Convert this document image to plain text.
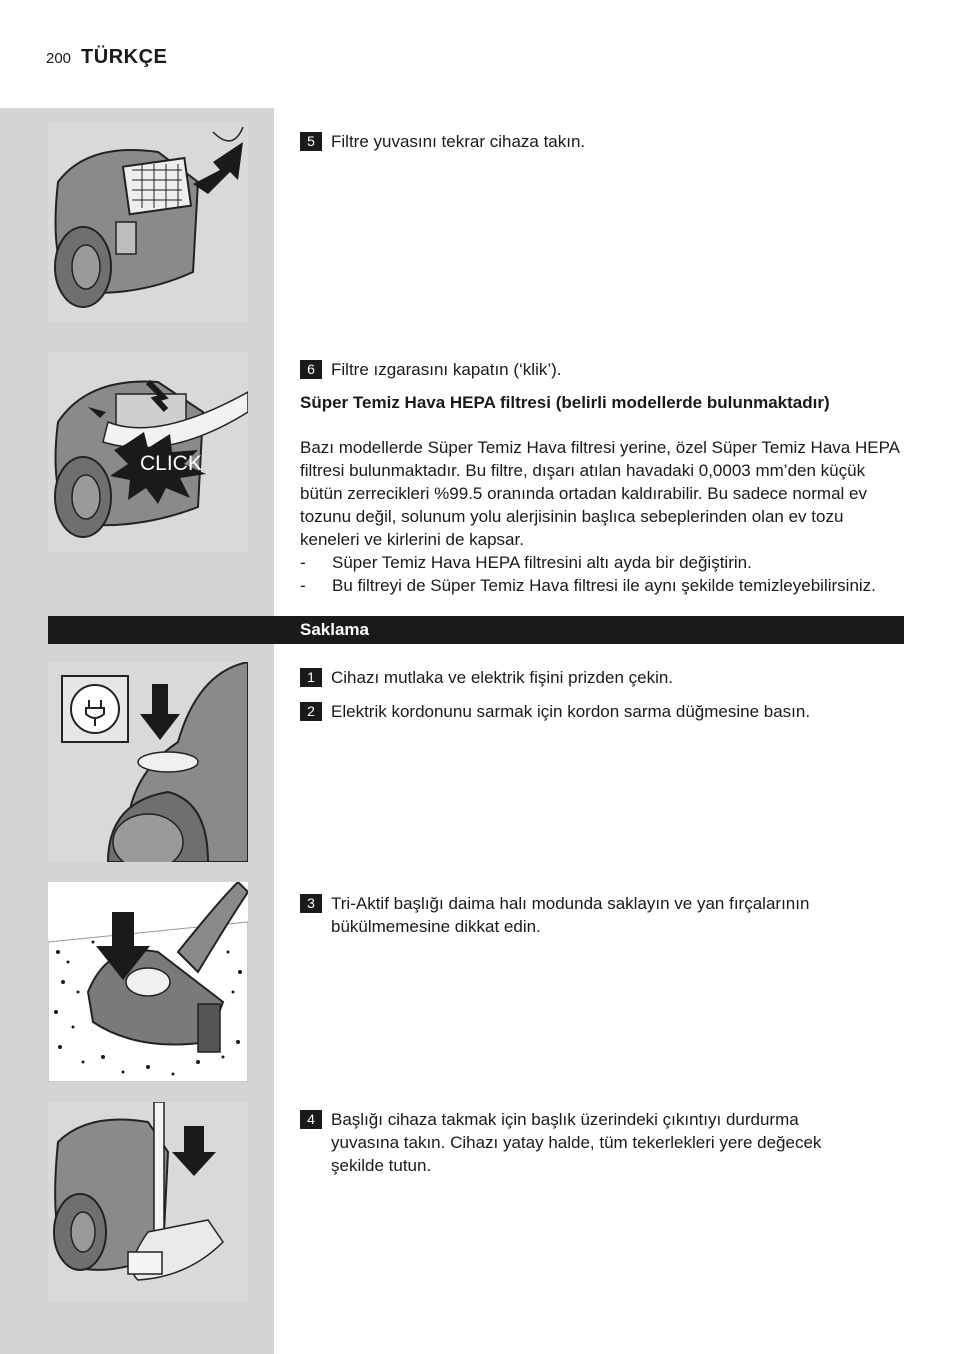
200 TÜRKÇE
CLICK
5 Filtre yuvasını tekrar cihaza takın.
6 Filtre ızgarasını kapatın (‘klik’).
Süper Temiz Hava HEPA filtresi (belirli modellerde bulunmaktadır)
Bazı modellerde Süper Temiz Hava filtresi yerine, özel Süper Temiz Hava HEPA filtresi bulunmaktadır. Bu filtre, dışarı atılan havadaki 0,0003 mm’den küçük bütün zerrecikleri %99.5 oranında ortadan kaldırabilir. Bu sadece normal ev tozunu değil, solunum yolu alerjisinin başlıca sebeplerinden olan ev tozu keneleri ve kirlerini de kapsar.
-	Süper Temiz Hava HEPA filtresini altı ayda bir değiştirin.
-	Bu filtreyi de Süper Temiz Hava filtresi ile aynı şekilde temizleyebilirsiniz.
Saklama
1 Cihazı mutlaka ve elektrik fişini prizden çekin.
2 Elektrik kordonunu sarmak için kordon sarma düğmesine basın.
3 Tri-Aktif başlığı daima halı modunda saklayın ve yan fırçalarının bükülmemesine dikkat edin.
4 Başlığı cihaza takmak için başlık üzerindeki çıkıntıyı durdurma yuvasına takın. Cihazı yatay halde, tüm tekerlekleri yere değecek şekilde tutun.
